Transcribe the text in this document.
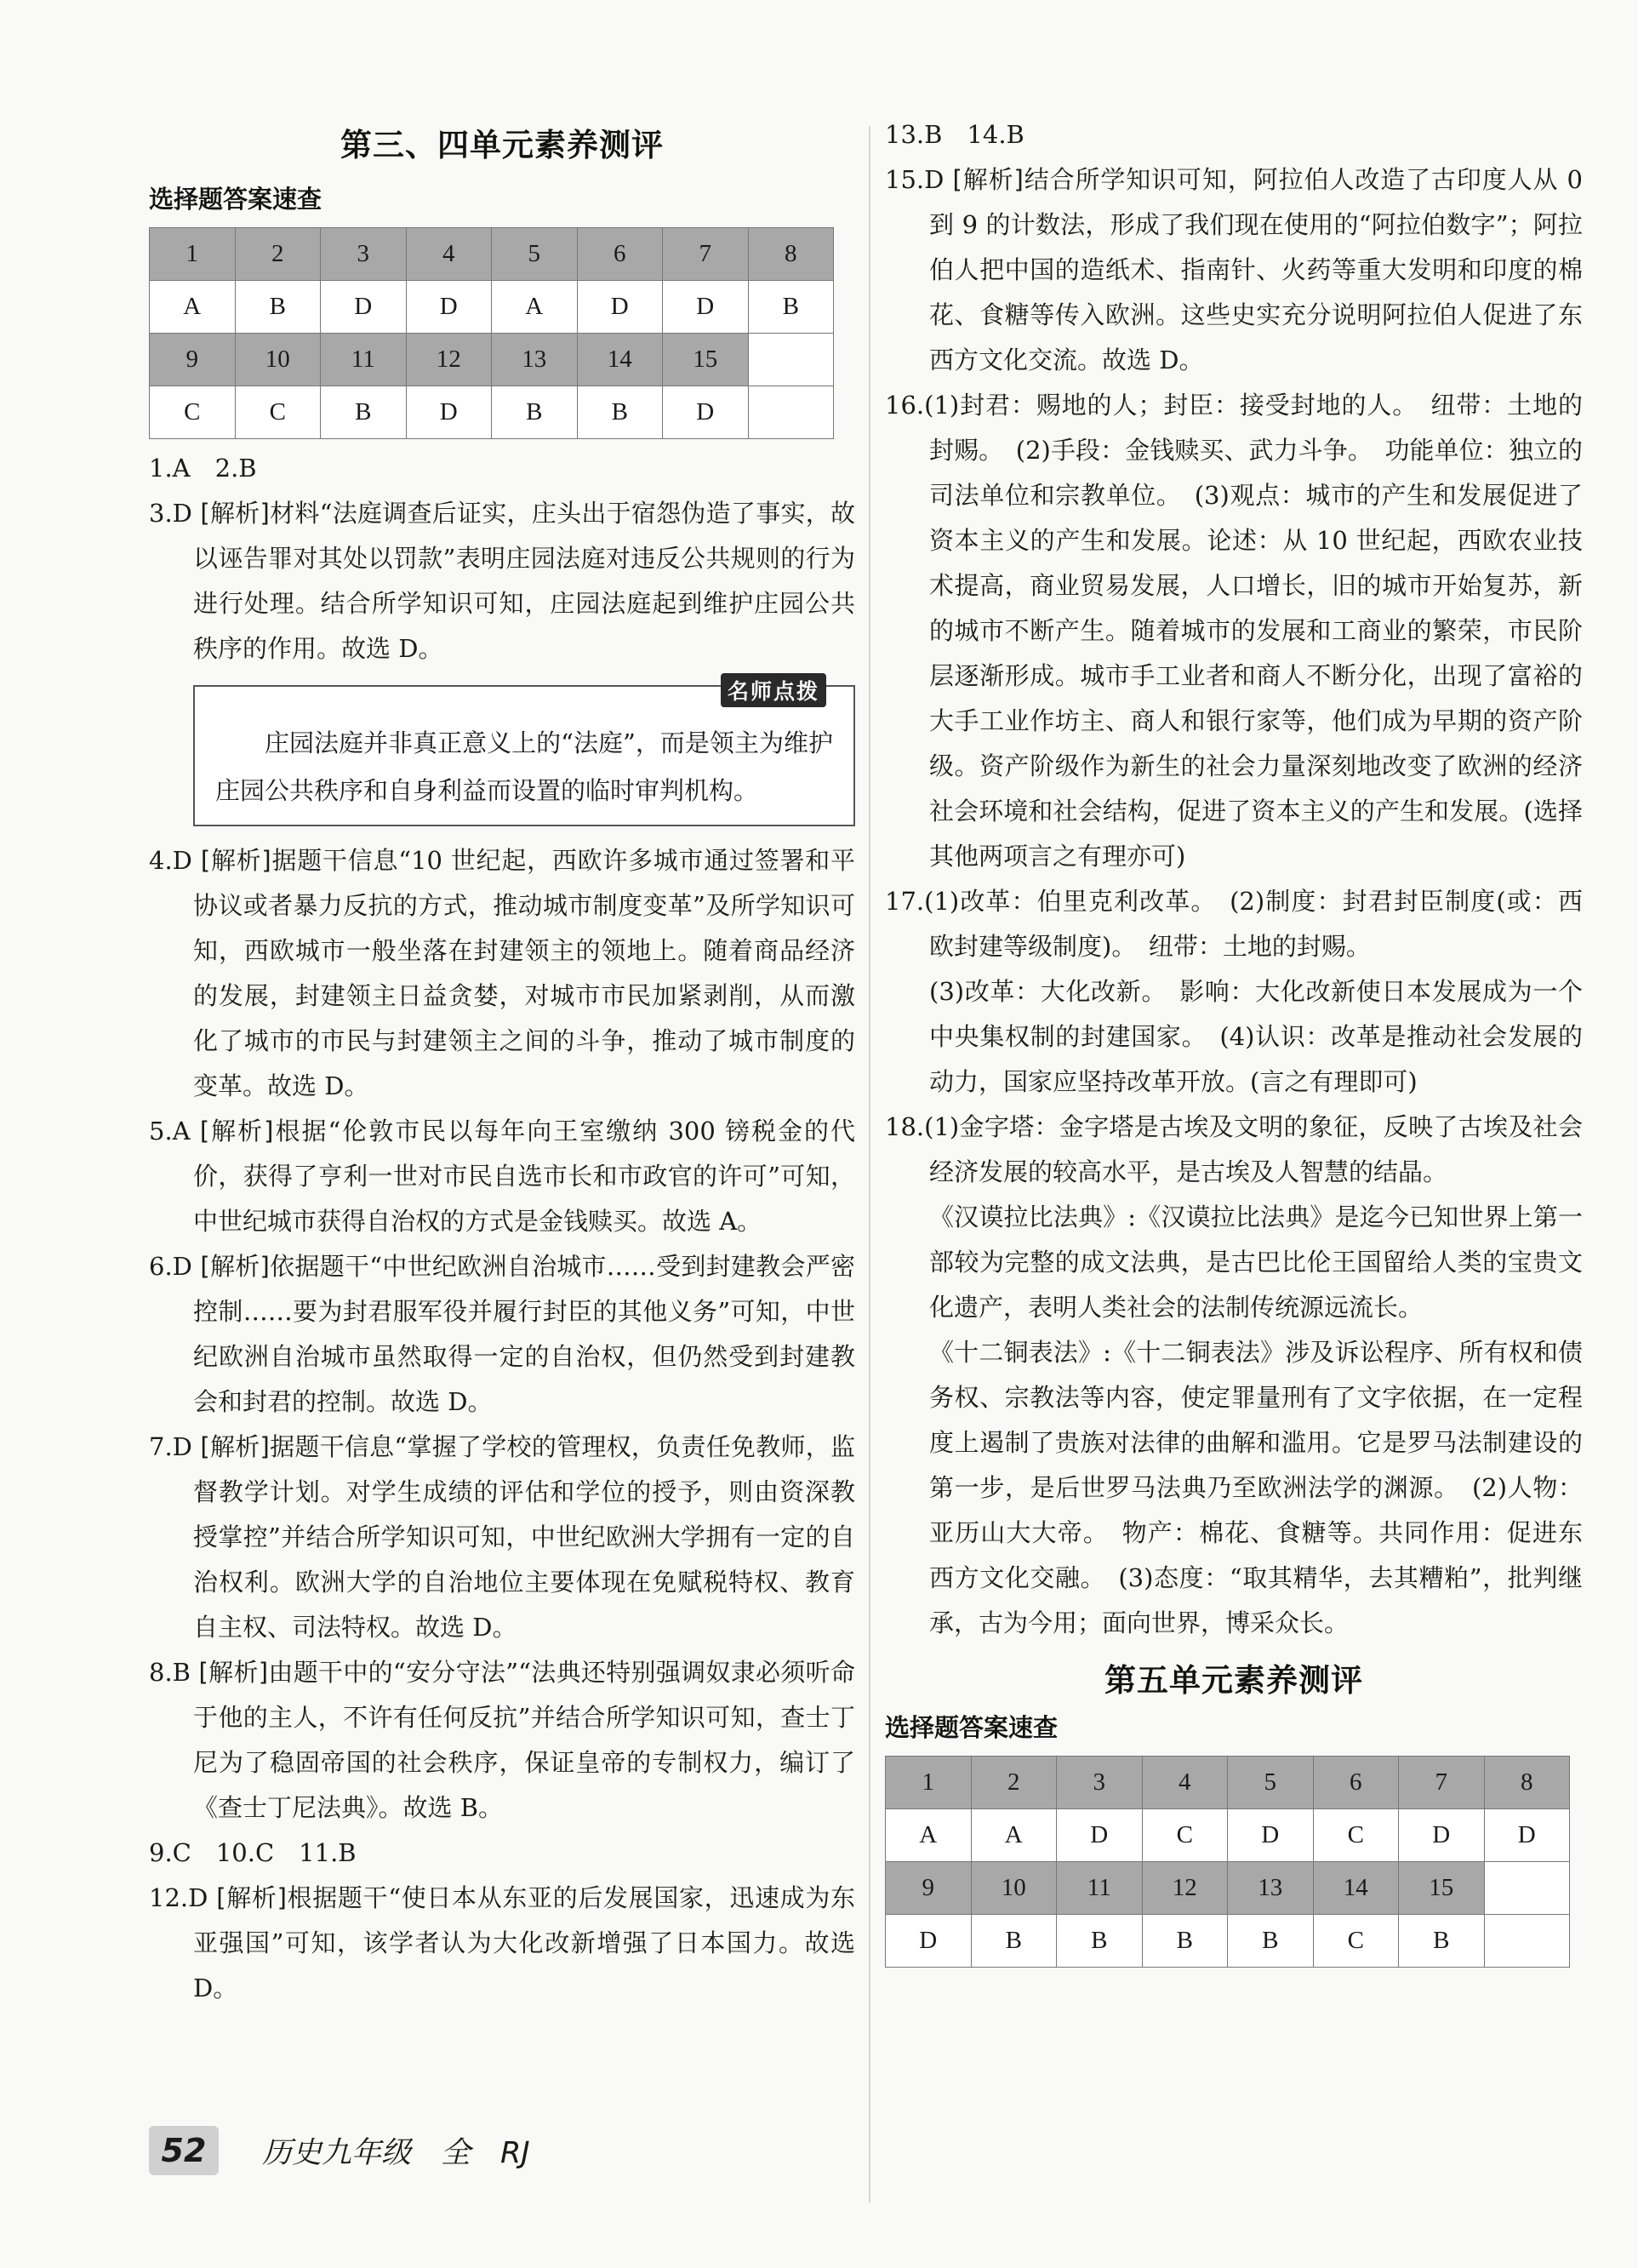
第三、四单元素养测评
选择题答案速查
1	2	3	4	5	6	7	8
A	B	D	D	A	D	D	B
9	10	11	12	13	14	15	
C	C	B	D	B	B	D	

1.A　2.B

3.D [解析]材料“法庭调查后证实，庄头出于宿怨伪造了事实，故以诬告罪对其处以罚款”表明庄园法庭对违反公共规则的行为进行处理。结合所学知识可知，庄园法庭起到维护庄园公共秩序的作用。故选 D。

名师点拨

庄园法庭并非真正意义上的“法庭”，而是领主为维护庄园公共秩序和自身利益而设置的临时审判机构。

4.D [解析]据题干信息“10 世纪起，西欧许多城市通过签署和平协议或者暴力反抗的方式，推动城市制度变革”及所学知识可知，西欧城市一般坐落在封建领主的领地上。随着商品经济的发展，封建领主日益贪婪，对城市市民加紧剥削，从而激化了城市的市民与封建领主之间的斗争，推动了城市制度的变革。故选 D。

5.A [解析]根据“伦敦市民以每年向王室缴纳 300 镑税金的代价，获得了亨利一世对市民自选市长和市政官的许可”可知，中世纪城市获得自治权的方式是金钱赎买。故选 A。

6.D [解析]依据题干“中世纪欧洲自治城市……受到封建教会严密控制……要为封君服军役并履行封臣的其他义务”可知，中世纪欧洲自治城市虽然取得一定的自治权，但仍然受到封建教会和封君的控制。故选 D。

7.D [解析]据题干信息“掌握了学校的管理权，负责任免教师，监督教学计划。对学生成绩的评估和学位的授予，则由资深教授掌控”并结合所学知识可知，中世纪欧洲大学拥有一定的自治权利。欧洲大学的自治地位主要体现在免赋税特权、教育自主权、司法特权。故选 D。

8.B [解析]由题干中的“安分守法”“法典还特别强调奴隶必须听命于他的主人，不许有任何反抗”并结合所学知识可知，查士丁尼为了稳固帝国的社会秩序，保证皇帝的专制权力，编订了《查士丁尼法典》。故选 B。

9.C　10.C　11.B

12.D [解析]根据题干“使日本从东亚的后发展国家，迅速成为东亚强国”可知，该学者认为大化改新增强了日本国力。故选 D。

13.B　14.B

15.D [解析]结合所学知识可知，阿拉伯人改造了古印度人从 0 到 9 的计数法，形成了我们现在使用的“阿拉伯数字”；阿拉伯人把中国的造纸术、指南针、火药等重大发明和印度的棉花、食糖等传入欧洲。这些史实充分说明阿拉伯人促进了东西方文化交流。故选 D。

16.(1)封君：赐地的人；封臣：接受封地的人。　纽带：土地的封赐。　(2)手段：金钱赎买、武力斗争。　功能单位：独立的司法单位和宗教单位。　(3)观点：城市的产生和发展促进了资本主义的产生和发展。论述：从 10 世纪起，西欧农业技术提高，商业贸易发展，人口增长，旧的城市开始复苏，新的城市不断产生。随着城市的发展和工商业的繁荣，市民阶层逐渐形成。城市手工业者和商人不断分化，出现了富裕的大手工业作坊主、商人和银行家等，他们成为早期的资产阶级。资产阶级作为新生的社会力量深刻地改变了欧洲的经济社会环境和社会结构，促进了资本主义的产生和发展。(选择其他两项言之有理亦可)

17.(1)改革：伯里克利改革。　(2)制度：封君封臣制度(或：西欧封建等级制度)。　纽带：土地的封赐。

(3)改革：大化改新。　影响：大化改新使日本发展成为一个中央集权制的封建国家。　(4)认识：改革是推动社会发展的动力，国家应坚持改革开放。(言之有理即可)

18.(1)金字塔：金字塔是古埃及文明的象征，反映了古埃及社会经济发展的较高水平，是古埃及人智慧的结晶。

《汉谟拉比法典》:《汉谟拉比法典》是迄今已知世界上第一部较为完整的成文法典，是古巴比伦王国留给人类的宝贵文化遗产，表明人类社会的法制传统源远流长。

《十二铜表法》:《十二铜表法》涉及诉讼程序、所有权和债务权、宗教法等内容，使定罪量刑有了文字依据，在一定程度上遏制了贵族对法律的曲解和滥用。它是罗马法制建设的第一步，是后世罗马法典乃至欧洲法学的渊源。　(2)人物：亚历山大大帝。　物产：棉花、食糖等。共同作用：促进东西方文化交融。　(3)态度：“取其精华，去其糟粕”，批判继承，古为今用；面向世界，博采众长。

第五单元素养测评
选择题答案速查
1	2	3	4	5	6	7	8
A	A	D	C	D	C	D	D
9	10	11	12	13	14	15	
D	B	B	B	B	C	B	
52	历史九年级　全　RJ
